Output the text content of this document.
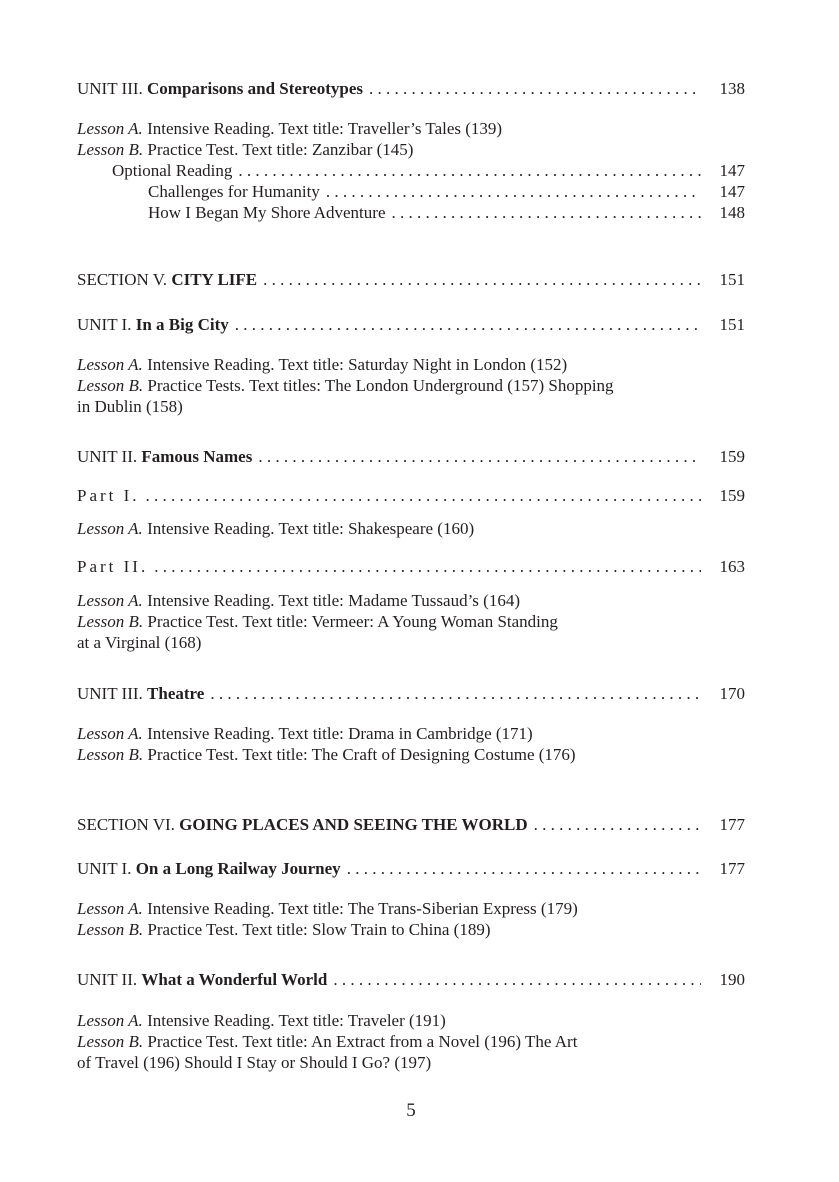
UNIT III. Comparisons and Stereotypes . . .	138
Lesson A. Intensive Reading. Text title: Traveller’s Tales (139)
Lesson B. Practice Test. Text title: Zanzibar (145)
Optional Reading . . .	147
Challenges for Humanity . . .	147
How I Began My Shore Adventure . . .	148
SECTION V. CITY LIFE . . .	151
UNIT I. In a Big City . . .	151
Lesson A. Intensive Reading. Text title: Saturday Night in London (152)
Lesson B. Practice Tests. Text titles: The London Underground (157) Shopping
in Dublin (158)
UNIT II. Famous Names . . .	159
Part I. . . .	159
Lesson A. Intensive Reading. Text title: Shakespeare (160)
Part II. . . .	163
Lesson A. Intensive Reading. Text title: Madame Tussaud’s (164)
Lesson B. Practice Test. Text title: Vermeer: A Young Woman Standing
at a Virginal (168)
UNIT III. Theatre . . .	170
Lesson A. Intensive Reading. Text title: Drama in Cambridge (171)
Lesson B. Practice Test. Text title: The Craft of Designing Costume (176)
SECTION VI. GOING PLACES AND SEEING THE WORLD . . .	177
UNIT I. On a Long Railway Journey . . .	177
Lesson A. Intensive Reading. Text title: The Trans-Siberian Express (179)
Lesson B. Practice Test. Text title: Slow Train to China (189)
UNIT II. What a Wonderful World . . .	190
Lesson A. Intensive Reading. Text title: Traveler (191)
Lesson B. Practice Test. Text title: An Extract from a Novel (196) The Art
of Travel (196) Should I Stay or Should I Go? (197)
5
